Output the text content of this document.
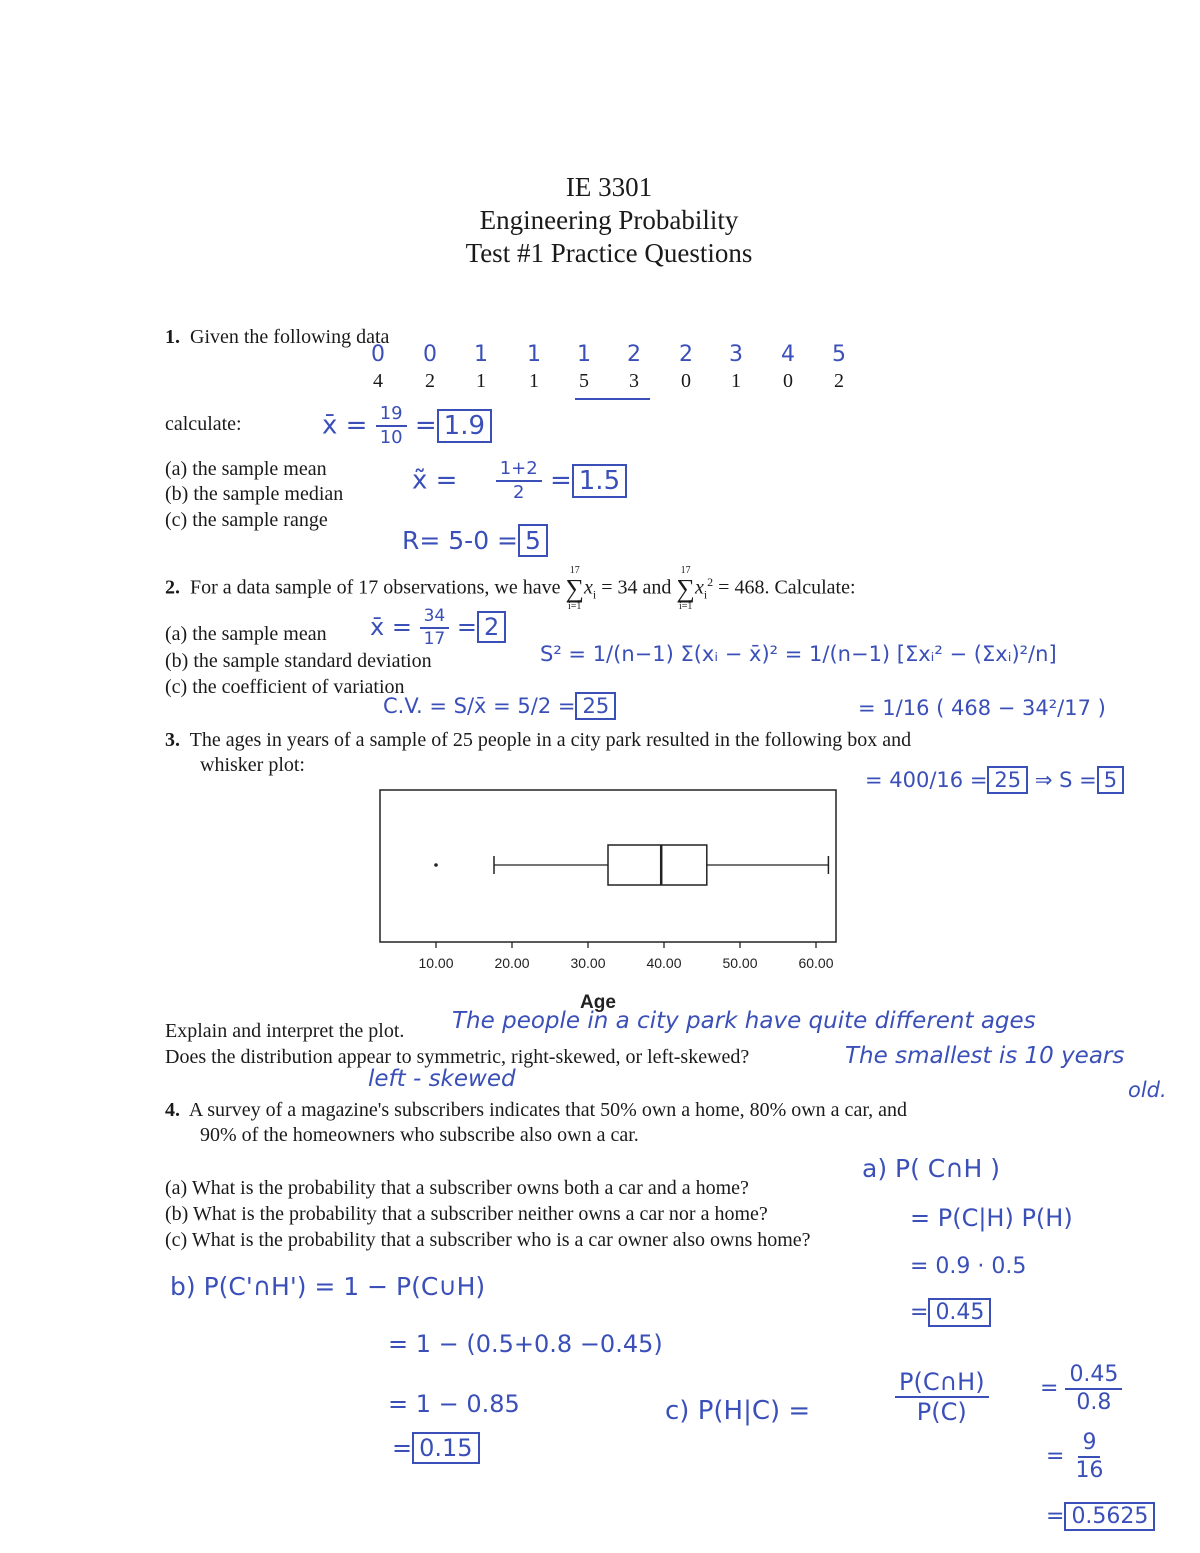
IE 3301
Engineering Probability
Test #1 Practice Questions
1. Given the following data
0 0 1 1 1 2 2 3 4 5
4 2 1 1 5 3 0 1 0 2
calculate:
(a) the sample mean
(b) the sample median
(c) the sample range
x̄ = $\frac{19}{10} = 1.9$
x̃ = $\frac{1+2}{2} = 1.5$
R= 5-0 = 5
2. For a data sample of 17 observations, we have
17
∑
i=1
$x_i = 34$ and
17
∑
i=1
$x_i^2 = 468$. Calculate:
(a) the sample mean
(b) the sample standard deviation
(c) the coefficient of variation
x̄ = $\frac{34}{17} = 2$
S² = 1/(n−1) Σ(xᵢ − x̄)² = 1/(n−1) [Σxᵢ² − (Σxᵢ)²/n]
= 1/16 ( 468 − 34²/17 )
= 400/16 = 25 ⇒ S = 5
C.V. = S/x̄ = 5/2 = 25
3. The ages in years of a sample of 25 people in a city park resulted in the following box and
whisker plot:
10.00	20.00	30.00	40.00	50.00	60.00
Age
Explain and interpret the plot. The people in a city park have quite different ages
Does the distribution appear to symmetric, right-skewed, or left-skewed?	The smallest is 10 years
old.
left - skewed
4. A survey of a magazine's subscribers indicates that 50% own a home, 80% own a car, and
90% of the homeowners who subscribe also own a car.
(a) What is the probability that a subscriber owns both a car and a home?
(b) What is the probability that a subscriber neither owns a car nor a home?
(c) What is the probability that a subscriber who is a car owner also owns home?
a) P( C∩H )
= P(C|H) P(H)
= 0.9 · 0.5
= 0.45
b) P(C'∩H') = 1 − P(C∪H)
= 1 − (0.5+0.8 −0.45)
= 1 − 0.85
= 0.15
c) P(H|C) =	$\frac{P(C\cap H)}{P(C)} = \frac{0.45}{0.8}$
= $\frac{9}{16}$
= 0.5625
